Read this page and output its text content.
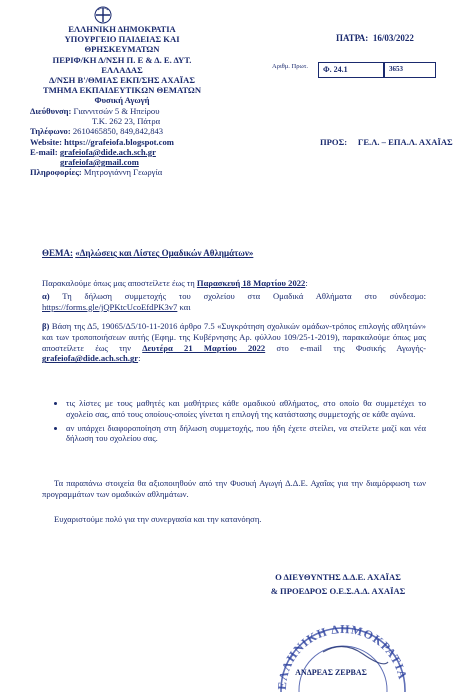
ΕΛΛΗΝΙΚΗ ΔΗΜΟΚΡΑΤΙΑ
ΥΠΟΥΡΓΕΙΟ ΠΑΙΔΕΙΑΣ ΚΑΙ
ΘΡΗΣΚΕΥΜΑΤΩΝ
ΠΕΡΙΦ/ΚΗ Δ/ΝΣΗ Π. Ε & Δ. Ε. ΔΥΤ.
ΕΛΛΑΔΑΣ
Δ/ΝΣΗ Β'/ΘΜΙΑΣ ΕΚΠ/ΣΗΣ ΑΧΑΪΑΣ
ΤΜΗΜΑ ΕΚΠΑΙΔΕΥΤΙΚΩΝ ΘΕΜΑΤΩΝ
Φυσική Αγωγή
Διεύθυνση: Γιαννιτσών 5 & Ηπείρου
Τ.Κ. 262 23, Πάτρα
Τηλέφωνο: 2610465850, 849,842,843
Website: https://grafeiofa.blogspot.com
E-mail: grafeiofa@dide.ach.sch.gr
grafeiofa@gmail.com
Πληροφορίες: Μητρογιάννη Γεωργία
ΠΑΤΡΑ: 16/03/2022
Αριθμ. Πρωτ.	Φ. 24.1	3653
ΠΡΟΣ: ΓΕ.Λ. – ΕΠΑ.Λ. ΑΧΑΪΑΣ
ΘΕΜΑ: «Δηλώσεις και Λίστες Ομαδικών Αθλημάτων»
Παρακαλούμε όπως μας αποστείλετε έως τη Παρασκευή 18 Μαρτίου 2022:
α) Τη δήλωση συμμετοχής του σχολείου στα Ομαδικά Αθλήματα στο σύνδεσμο: https://forms.gle/jQPKtcUcoEfdPK3v7 και
β) Βάση της Δ5, 19065/Δ5/10-11-2016 άρθρο 7.5 «Συγκρότηση σχολικών ομάδων-τρόπος επιλογής αθλητών» και των τροποποιήσεων αυτής (Εφημ. της Κυβέρνησης Αρ. φύλλου 109/25-1-2019), παρακαλούμε όπως μας αποστείλετε έως την Δευτέρα 21 Μαρτίου 2022 στο e-mail της Φυσικής Αγωγής- grafeiofa@dide.ach.sch.gr:
• τις λίστες με τους μαθητές και μαθήτριες κάθε ομαδικού αθλήματος, στο οποίο θα συμμετέχει το σχολείο σας, από τους οποίους-οποίες γίνεται η επιλογή της κατάστασης συμμετοχής σε κάθε αγώνα.
• αν υπάρχει διαφοροποίηση στη δήλωση συμμετοχής, που ήδη έχετε στείλει, να στείλετε μαζί και νέα δήλωση του σχολείου σας.
Τα παραπάνω στοιχεία θα αξιοποιηθούν από την Φυσική Αγωγή Δ.Δ.Ε. Αχαΐας για την διαμόρφωση των προγραμμάτων των ομαδικών αθλημάτων.
Ευχαριστούμε πολύ για την συνεργασία και την κατανόηση.
Ο ΔΙΕΥΘΥΝΤΗΣ Δ.Δ.Ε. ΑΧΑΪΑΣ
& ΠΡΟΕΔΡΟΣ Ο.Ε.Σ.Α.Δ. ΑΧΑΪΑΣ
ΕΛΛΗΝΙΚΗ ΔΗΜΟΚΡΑΤΙΑ
ΑΝΔΡΕΑΣ ΖΕΡΒΑΣ
